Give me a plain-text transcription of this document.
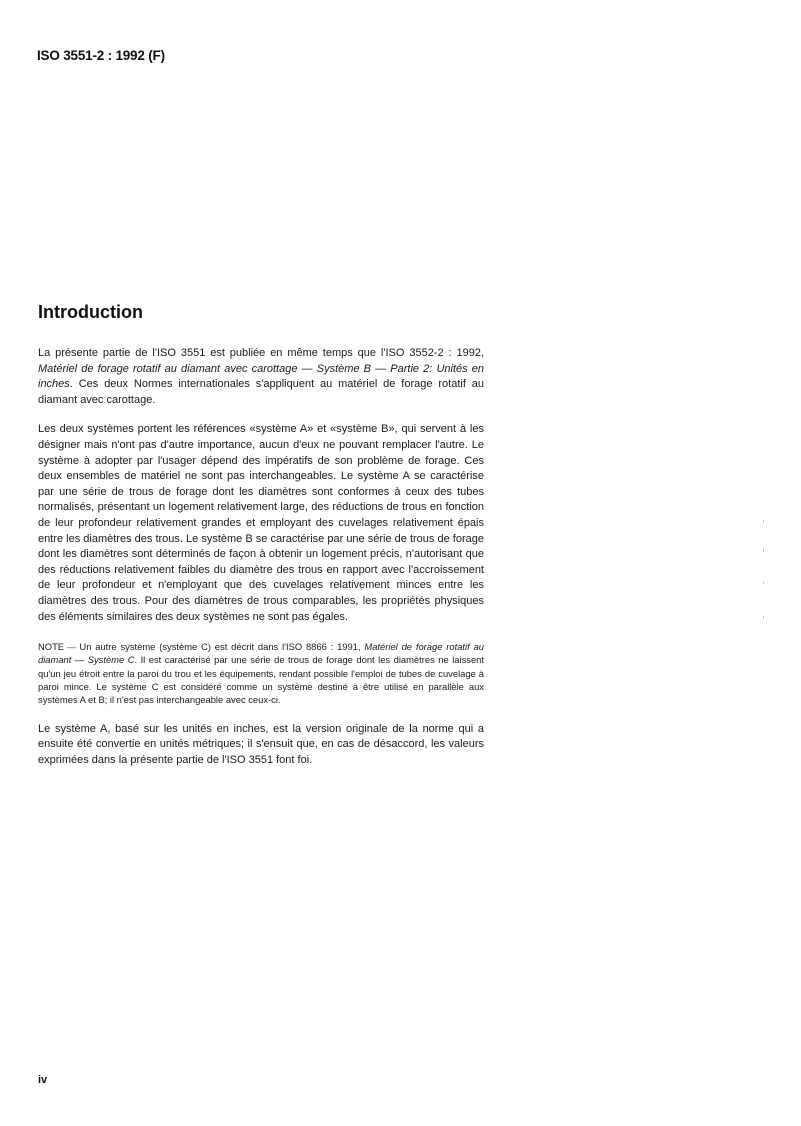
ISO 3551-2 : 1992 (F)
Introduction

La présente partie de l'ISO 3551 est publiée en même temps que l'ISO 3552-2 : 1992, Matériel de forage rotatif au diamant avec carottage — Système B — Partie 2: Unités en inches. Ces deux Normes internationales s'appliquent au matériel de forage rotatif au diamant avec carottage.

Les deux systèmes portent les références «système A» et «système B», qui servent à les désigner mais n'ont pas d'autre importance, aucun d'eux ne pouvant remplacer l'autre. Le système à adopter par l'usager dépend des impératifs de son problème de forage. Ces deux ensembles de matériel ne sont pas interchangeables. Le système A se caractérise par une série de trous de forage dont les diamètres sont conformes à ceux des tubes normalisés, présentant un logement relativement large, des réductions de trous en fonction de leur profondeur relativement grandes et employant des cuvelages relativement épais entre les diamètres des trous. Le système B se caractérise par une série de trous de forage dont les diamètres sont déterminés de façon à obtenir un logement précis, n'autorisant que des réductions relativement faibles du diamètre des trous en rapport avec l'accroissement de leur profondeur et n'employant que des cuvelages relativement minces entre les diamètres des trous. Pour des diamètres de trous comparables, les propriétés physiques des éléments similaires des deux systèmes ne sont pas égales.

NOTE — Un autre système (système C) est décrit dans l'ISO 8866 : 1991, Matériel de forage rotatif au diamant — Système C. Il est caractérisé par une série de trous de forage dont les diamètres ne laissent qu'un jeu étroit entre la paroi du trou et les équipements, rendant possible l'emploi de tubes de cuvelage à paroi mince. Le système C est considéré comme un système destiné à être utilisé en parallèle aux systèmes A et B; il n'est pas interchangeable avec ceux-ci.

Le système A, basé sur les unités en inches, est la version originale de la norme qui a ensuite été convertie en unités métriques; il s'ensuit que, en cas de désaccord, les valeurs exprimées dans la présente partie de l'ISO 3551 font foi.

iv
